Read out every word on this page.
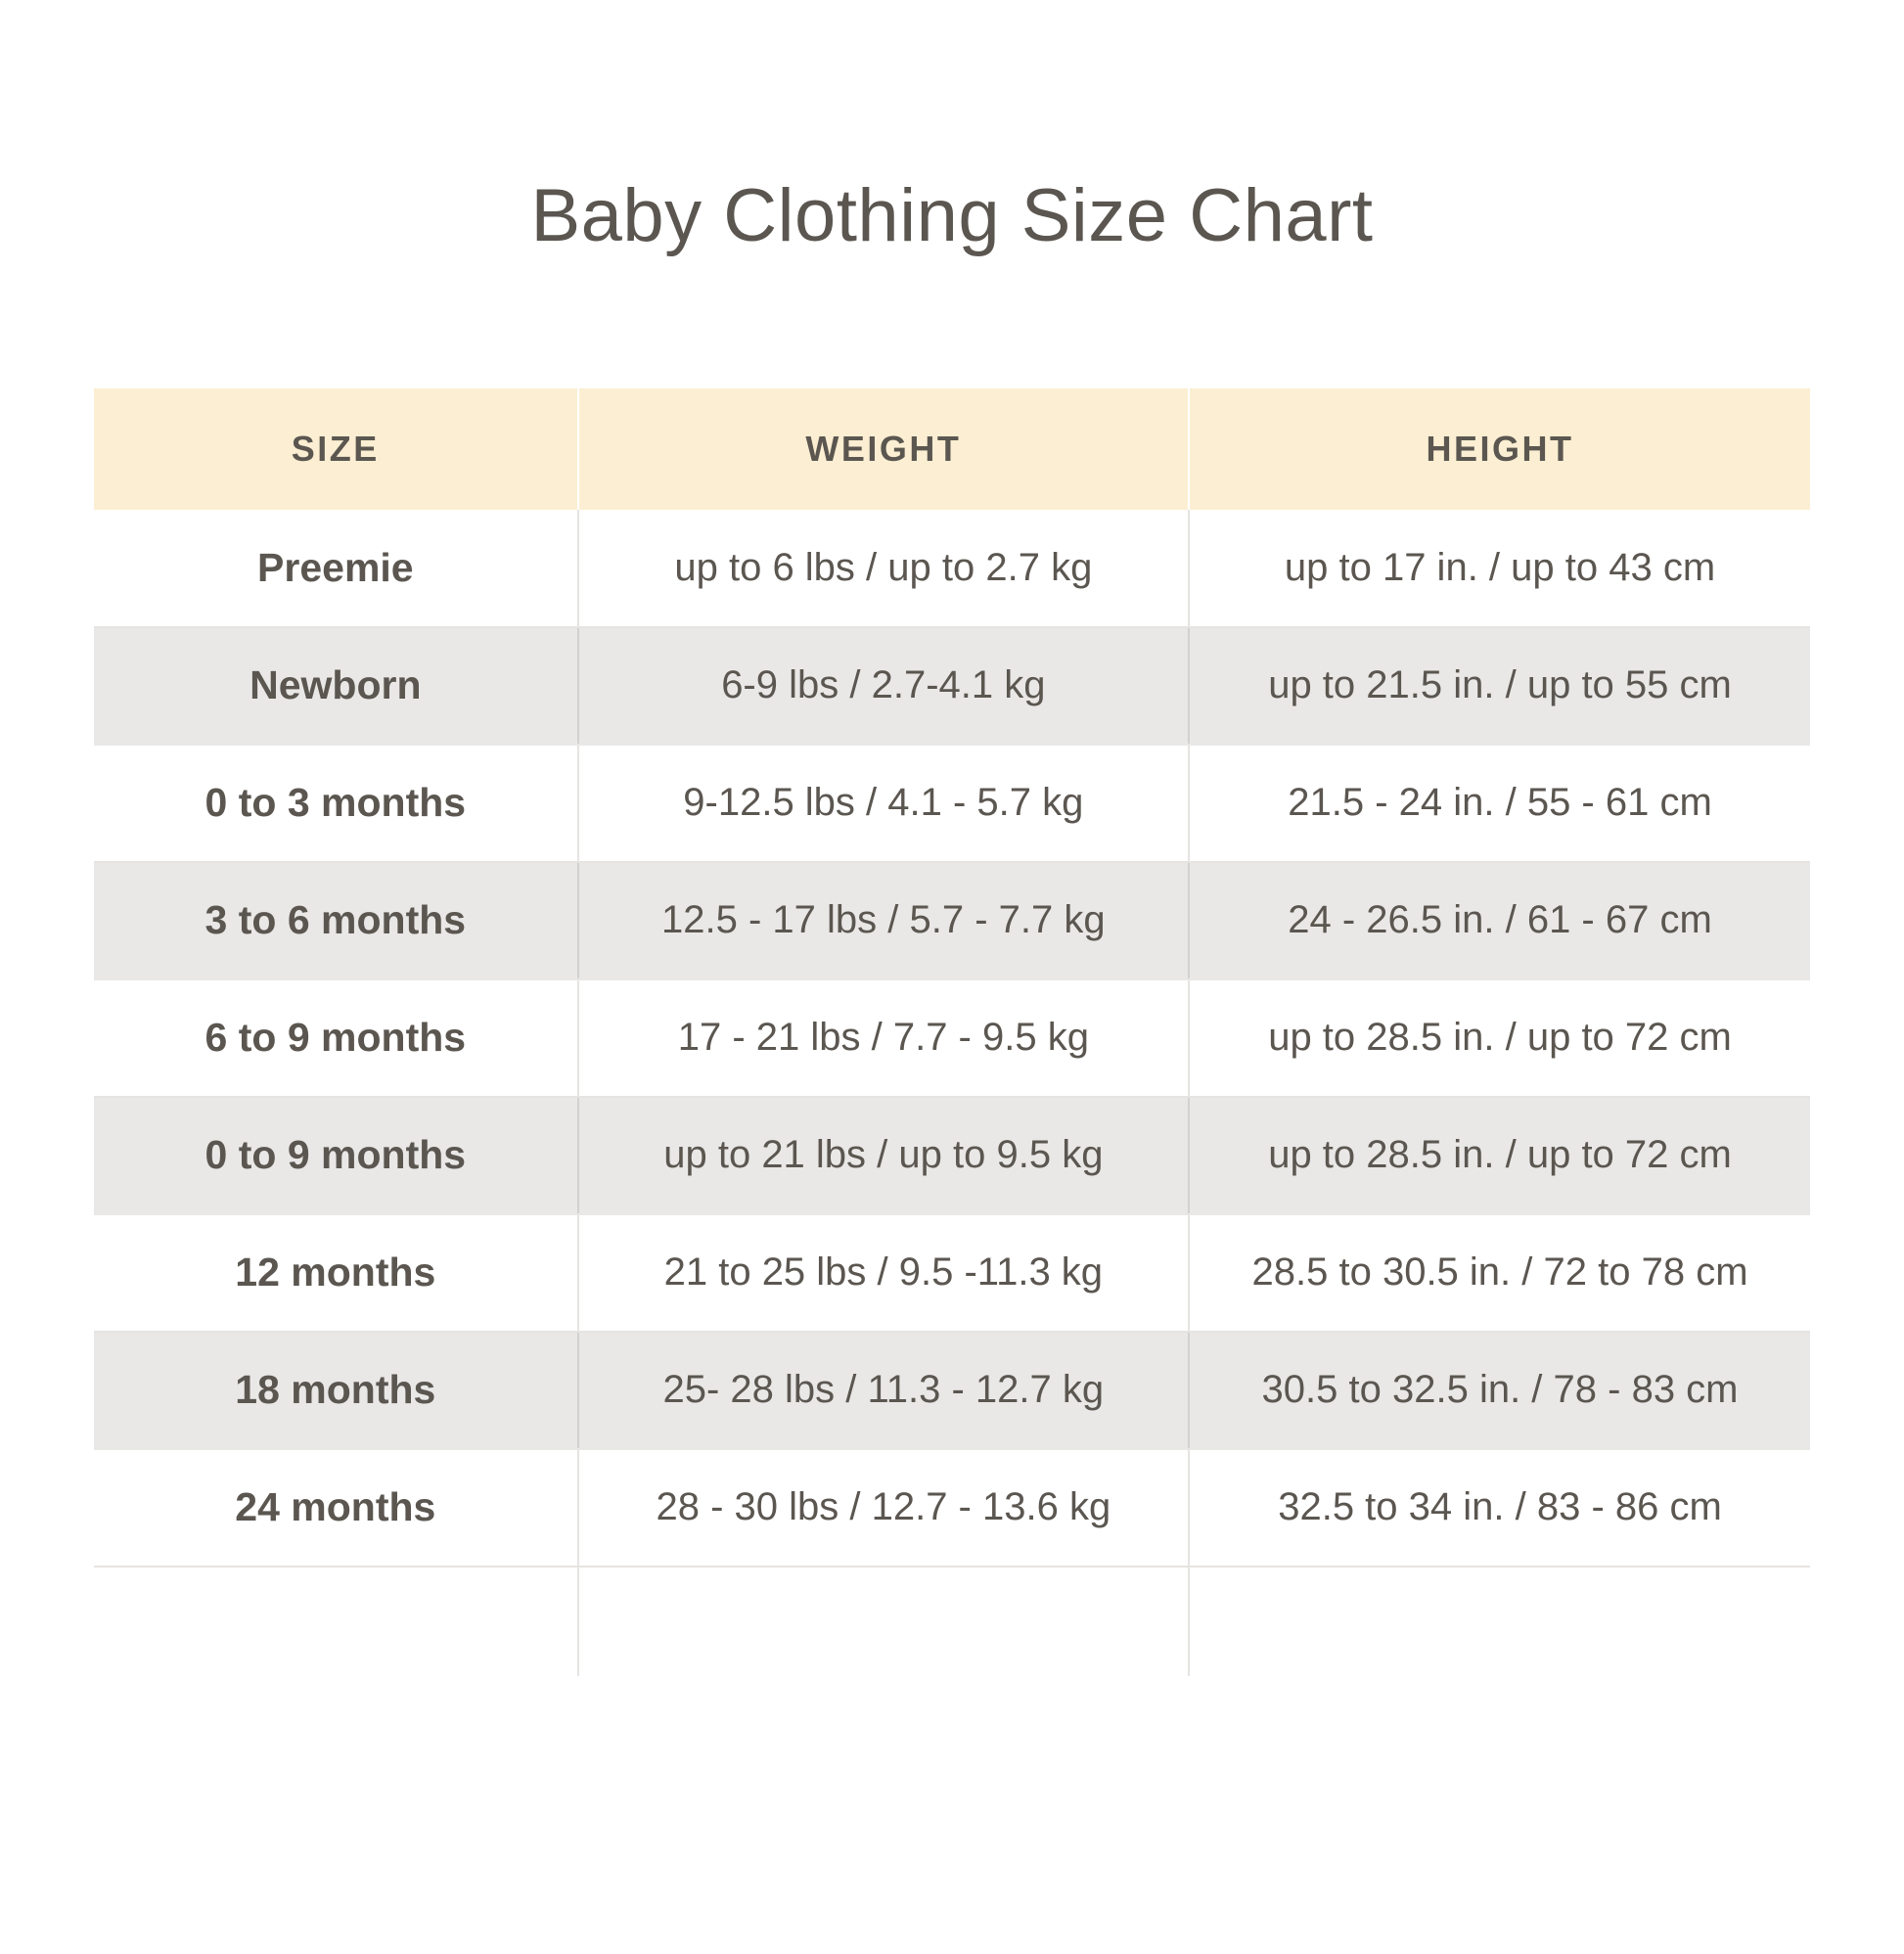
Baby Clothing Size Chart
SIZE	WEIGHT	HEIGHT
Preemie	up to 6 lbs / up to 2.7 kg	up to 17 in. / up to 43 cm
Newborn	6-9 lbs / 2.7-4.1 kg	up to 21.5 in. / up to 55 cm
0 to 3 months	9-12.5 lbs / 4.1 - 5.7 kg	21.5 - 24 in. / 55 - 61 cm
3 to 6 months	12.5 - 17 lbs / 5.7 - 7.7 kg	24 - 26.5 in. / 61 - 67 cm
6 to 9 months	17 - 21 lbs / 7.7 - 9.5 kg	up to 28.5 in. / up to 72 cm
0 to 9 months	up to 21 lbs / up to 9.5 kg	up to 28.5 in. / up to 72 cm
12 months	21 to 25 lbs / 9.5 -11.3 kg	28.5 to 30.5 in. / 72 to 78 cm
18 months	25- 28 lbs / 11.3 - 12.7 kg	30.5 to 32.5 in. / 78 - 83 cm
24 months	28 - 30 lbs / 12.7 - 13.6 kg	32.5 to 34 in. / 83 - 86 cm
